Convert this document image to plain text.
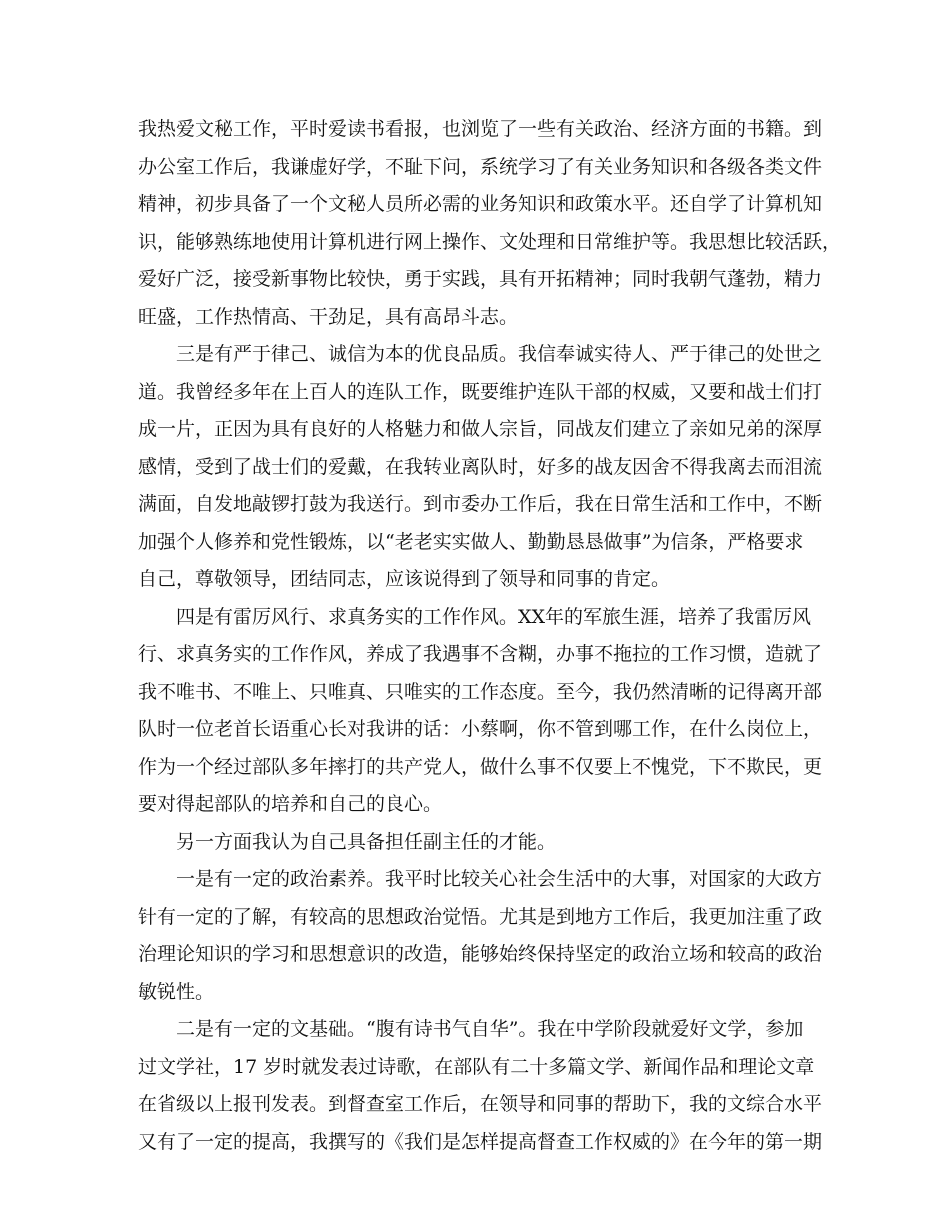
我热爱文秘工作，平时爱读书看报，也浏览了一些有关政治、经济方面的书籍。到
办公室工作后，我谦虚好学，不耻下问，系统学习了有关业务知识和各级各类文件
精神，初步具备了一个文秘人员所必需的业务知识和政策水平。还自学了计算机知
识，能够熟练地使用计算机进行网上操作、文处理和日常维护等。我思想比较活跃，
爱好广泛，接受新事物比较快，勇于实践，具有开拓精神；同时我朝气蓬勃，精力
旺盛，工作热情高、干劲足，具有高昂斗志。
三是有严于律己、诚信为本的优良品质。我信奉诚实待人、严于律己的处世之
道。我曾经多年在上百人的连队工作，既要维护连队干部的权威，又要和战士们打
成一片，正因为具有良好的人格魅力和做人宗旨，同战友们建立了亲如兄弟的深厚
感情，受到了战士们的爱戴，在我转业离队时，好多的战友因舍不得我离去而泪流
满面，自发地敲锣打鼓为我送行。到市委办工作后，我在日常生活和工作中，不断
加强个人修养和党性锻炼，以“老老实实做人、勤勤恳恳做事”为信条，严格要求
自己，尊敬领导，团结同志，应该说得到了领导和同事的肯定。
四是有雷厉风行、求真务实的工作作风。XX年的军旅生涯，培养了我雷厉风
行、求真务实的工作作风，养成了我遇事不含糊，办事不拖拉的工作习惯，造就了
我不唯书、不唯上、只唯真、只唯实的工作态度。至今，我仍然清晰的记得离开部
队时一位老首长语重心长对我讲的话：小蔡啊，你不管到哪工作，在什么岗位上，
作为一个经过部队多年摔打的共产党人，做什么事不仅要上不愧党，下不欺民，更
要对得起部队的培养和自己的良心。
另一方面我认为自己具备担任副主任的才能。
一是有一定的政治素养。我平时比较关心社会生活中的大事，对国家的大政方
针有一定的了解，有较高的思想政治觉悟。尤其是到地方工作后，我更加注重了政
治理论知识的学习和思想意识的改造，能够始终保持坚定的政治立场和较高的政治
敏锐性。
二是有一定的文基础。“腹有诗书气自华”。我在中学阶段就爱好文学，参加
过文学社，17 岁时就发表过诗歌，在部队有二十多篇文学、新闻作品和理论文章
在省级以上报刊发表。到督查室工作后，在领导和同事的帮助下，我的文综合水平
又有了一定的提高，我撰写的《我们是怎样提高督查工作权威的》在今年的第一期
